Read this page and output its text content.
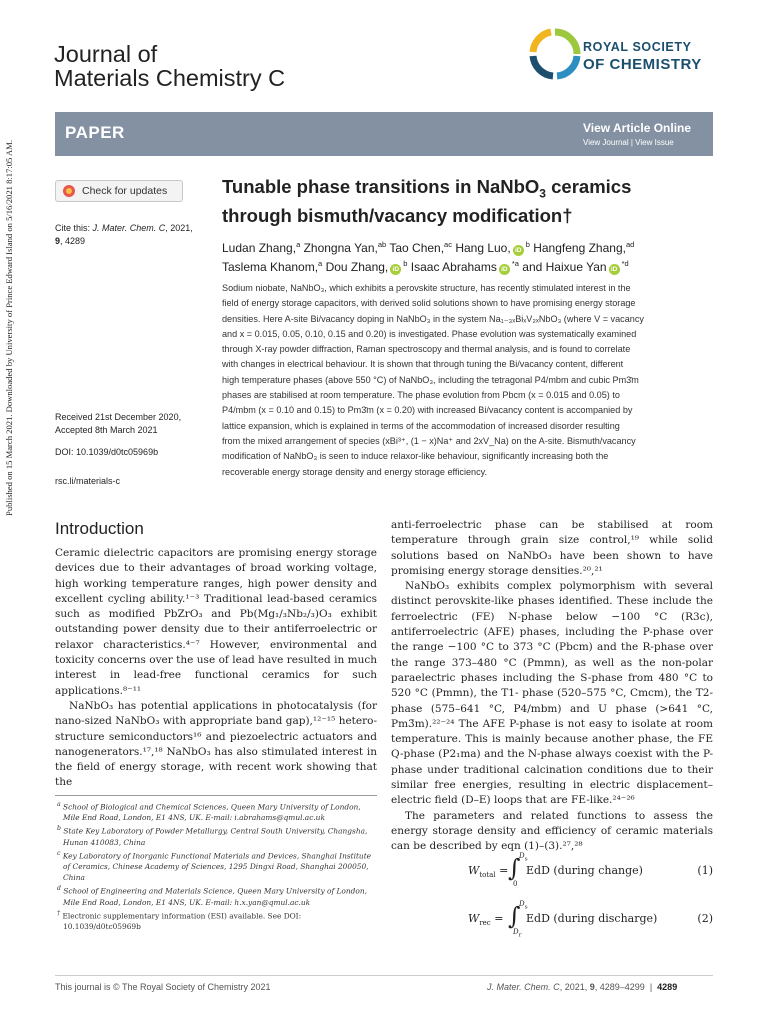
Published on 15 March 2021. Downloaded by University of Prince Edward Island on 5/16/2021 8:17:05 AM.
Journal of
Materials Chemistry C
ROYAL SOCIETY
OF CHEMISTRY
PAPER	View Article Online
View Journal | View Issue
Check for updates
Cite this: J. Mater. Chem. C, 2021,
9, 4289
Received 21st December 2020,
Accepted 8th March 2021
DOI: 10.1039/d0tc05969b
rsc.li/materials-c
Tunable phase transitions in NaNbO$_3$ ceramics
through bismuth/vacancy modification†
Ludan Zhang,$^a$ Zhongna Yan,$^{ab}$ Tao Chen,$^{ac}$ Hang Luo, $iD^b$ Hangfeng Zhang,$^{ad}$
Taslema Khanom,$^a$ Dou Zhang, $iD^b$ Isaac Abrahams $iD^{*a}$ and Haixue Yan $iD^{*d}$
Sodium niobate, NaNbO₃, which exhibits a perovskite structure, has recently stimulated interest in the
field of energy storage capacitors, with derived solid solutions shown to have promising energy storage
densities. Here A-site Bi/vacancy doping in NaNbO₃ in the system Na₁₋₃ₓBiₓV₂ₓNbO₃ (where V = vacancy
and x = 0.015, 0.05, 0.10, 0.15 and 0.20) is investigated. Phase evolution was systematically examined
through X-ray powder diffraction, Raman spectroscopy and thermal analysis, and is found to correlate
with changes in electrical behaviour. It is shown that through tuning the Bi/vacancy content, different
high temperature phases (above 550 °C) of NaNbO₃, including the tetragonal P4/mbm and cubic Pm3̄m
phases are stabilised at room temperature. The phase evolution from Pbcm (x = 0.015 and 0.05) to
P4/mbm (x = 0.10 and 0.15) to Pm3̄m (x = 0.20) with increased Bi/vacancy content is accompanied by
lattice expansion, which is explained in terms of the accommodation of increased disorder resulting
from the mixed arrangement of species (xBi³⁺, (1 − x)Na⁺ and 2xV_Na) on the A-site. Bismuth/vacancy
modification of NaNbO₃ is seen to induce relaxor-like behaviour, significantly increasing both the
recoverable energy storage density and energy storage efficiency.
Introduction

Ceramic dielectric capacitors are promising energy storage devices due to their advantages of broad working voltage, high working temperature ranges, high power density and excellent cycling ability.¹⁻³ Traditional lead-based ceramics such as modified PbZrO₃ and Pb(Mg₁/₃Nb₂/₃)O₃ exhibit outstanding power density due to their antiferroelectric or relaxor characteristics.⁴⁻⁷ However, environmental and toxicity concerns over the use of lead have resulted in much interest in lead-free functional ceramics for such applications.⁸⁻¹¹

NaNbO₃ has potential applications in photocatalysis (for nano-sized NaNbO₃ with appropriate band gap),¹²⁻¹⁵ hetero-structure semiconductors¹⁶ and piezoelectric actuators and nanogenerators.¹⁷,¹⁸ NaNbO₃ has also stimulated interest in the field of energy storage, with recent work showing that the

anti-ferroelectric phase can be stabilised at room temperature through grain size control,¹⁹ while solid solutions based on NaNbO₃ have been shown to have promising energy storage densities.²⁰,²¹

NaNbO₃ exhibits complex polymorphism with several distinct perovskite-like phases identified. These include the ferroelectric (FE) N-phase below −100 °C (R3c), antiferroelectric (AFE) phases, including the P-phase over the range −100 °C to 373 °C (Pbcm) and the R-phase over the range 373–480 °C (Pmmn), as well as the non-polar paraelectric phases including the S-phase from 480 °C to 520 °C (Pmmn), the T1- phase (520–575 °C, Cmcm), the T2-phase (575–641 °C, P4/mbm) and U phase (>641 °C, Pm3̄m).²²⁻²⁴ The AFE P-phase is not easy to isolate at room temperature. This is mainly because another phase, the FE Q-phase (P2₁ma) and the N-phase always coexist with the P-phase under traditional calcination conditions due to their similar free energies, resulting in electric displacement–electric field (D–E) loops that are FE-like.²⁴⁻²⁶

The parameters and related functions to assess the energy storage density and efficiency of ceramic materials can be described by eqn (1)–(3).²⁷,²⁸

$^a$ School of Biological and Chemical Sciences, Queen Mary University of London, Mile End Road, London, E1 4NS, UK. E-mail: i.abrahams@qmul.ac.uk
$^b$ State Key Laboratory of Powder Metallurgy, Central South University, Changsha, Hunan 410083, China
$^c$ Key Laboratory of Inorganic Functional Materials and Devices, Shanghai Institute of Ceramics, Chinese Academy of Sciences, 1295 Dingxi Road, Shanghai 200050, China
$^d$ School of Engineering and Materials Science, Queen Mary University of London, Mile End Road, London, E1 4NS, UK. E-mail: h.x.yan@qmul.ac.uk
† Electronic supplementary information (ESI) available. See DOI: 10.1039/d0tc05969b
$W_{total}$ = ∫
$D_s$
0
EdD (during change)	(1)
$W_{rec}$ = ∫
$D_s$
$D_r$
EdD (during discharge)	(2)
This journal is © The Royal Society of Chemistry 2021	J. Mater. Chem. C, 2021, 9, 4289–4299 | 4289
